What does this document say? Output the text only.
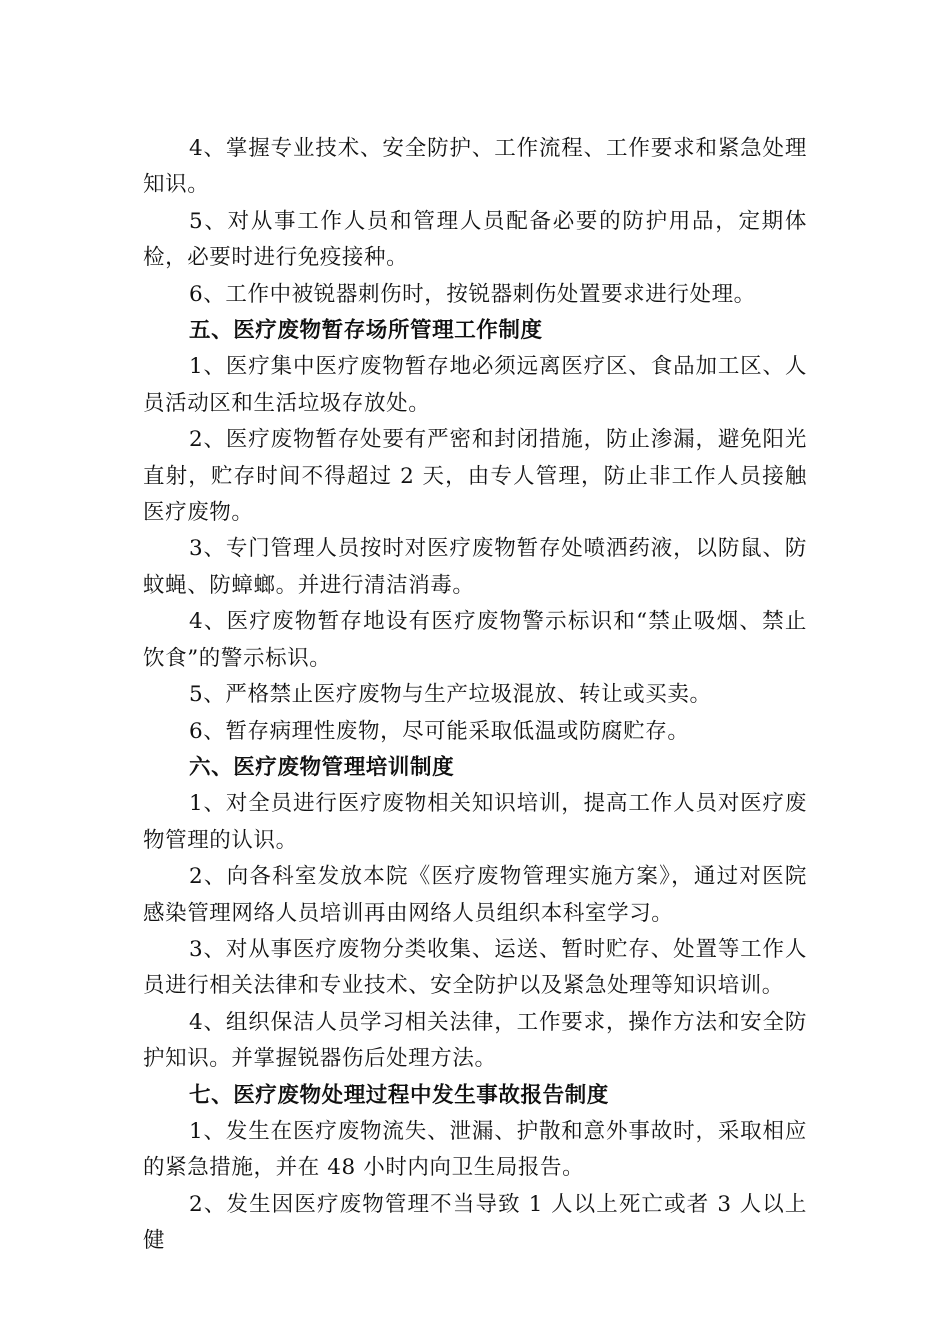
4、掌握专业技术、安全防护、工作流程、工作要求和紧急处理知识。

5、对从事工作人员和管理人员配备必要的防护用品，定期体检，必要时进行免疫接种。

6、工作中被锐器刺伤时，按锐器刺伤处置要求进行处理。

五、医疗废物暂存场所管理工作制度

1、医疗集中医疗废物暂存地必须远离医疗区、食品加工区、人员活动区和生活垃圾存放处。

2、医疗废物暂存处要有严密和封闭措施，防止渗漏，避免阳光直射，贮存时间不得超过 2 天，由专人管理，防止非工作人员接触医疗废物。

3、专门管理人员按时对医疗废物暂存处喷洒药液，以防鼠、防蚊蝇、防蟑螂。并进行清洁消毒。

4、医疗废物暂存地设有医疗废物警示标识和“禁止吸烟、禁止饮食”的警示标识。

5、严格禁止医疗废物与生产垃圾混放、转让或买卖。

6、暂存病理性废物，尽可能采取低温或防腐贮存。

六、医疗废物管理培训制度

1、对全员进行医疗废物相关知识培训，提高工作人员对医疗废物管理的认识。

2、向各科室发放本院《医疗废物管理实施方案》，通过对医院感染管理网络人员培训再由网络人员组织本科室学习。

3、对从事医疗废物分类收集、运送、暂时贮存、处置等工作人员进行相关法律和专业技术、安全防护以及紧急处理等知识培训。

4、组织保洁人员学习相关法律，工作要求，操作方法和安全防护知识。并掌握锐器伤后处理方法。

七、医疗废物处理过程中发生事故报告制度

1、发生在医疗废物流失、泄漏、护散和意外事故时，采取相应的紧急措施，并在 48 小时内向卫生局报告。

2、发生因医疗废物管理不当导致 1 人以上死亡或者 3 人以上健
